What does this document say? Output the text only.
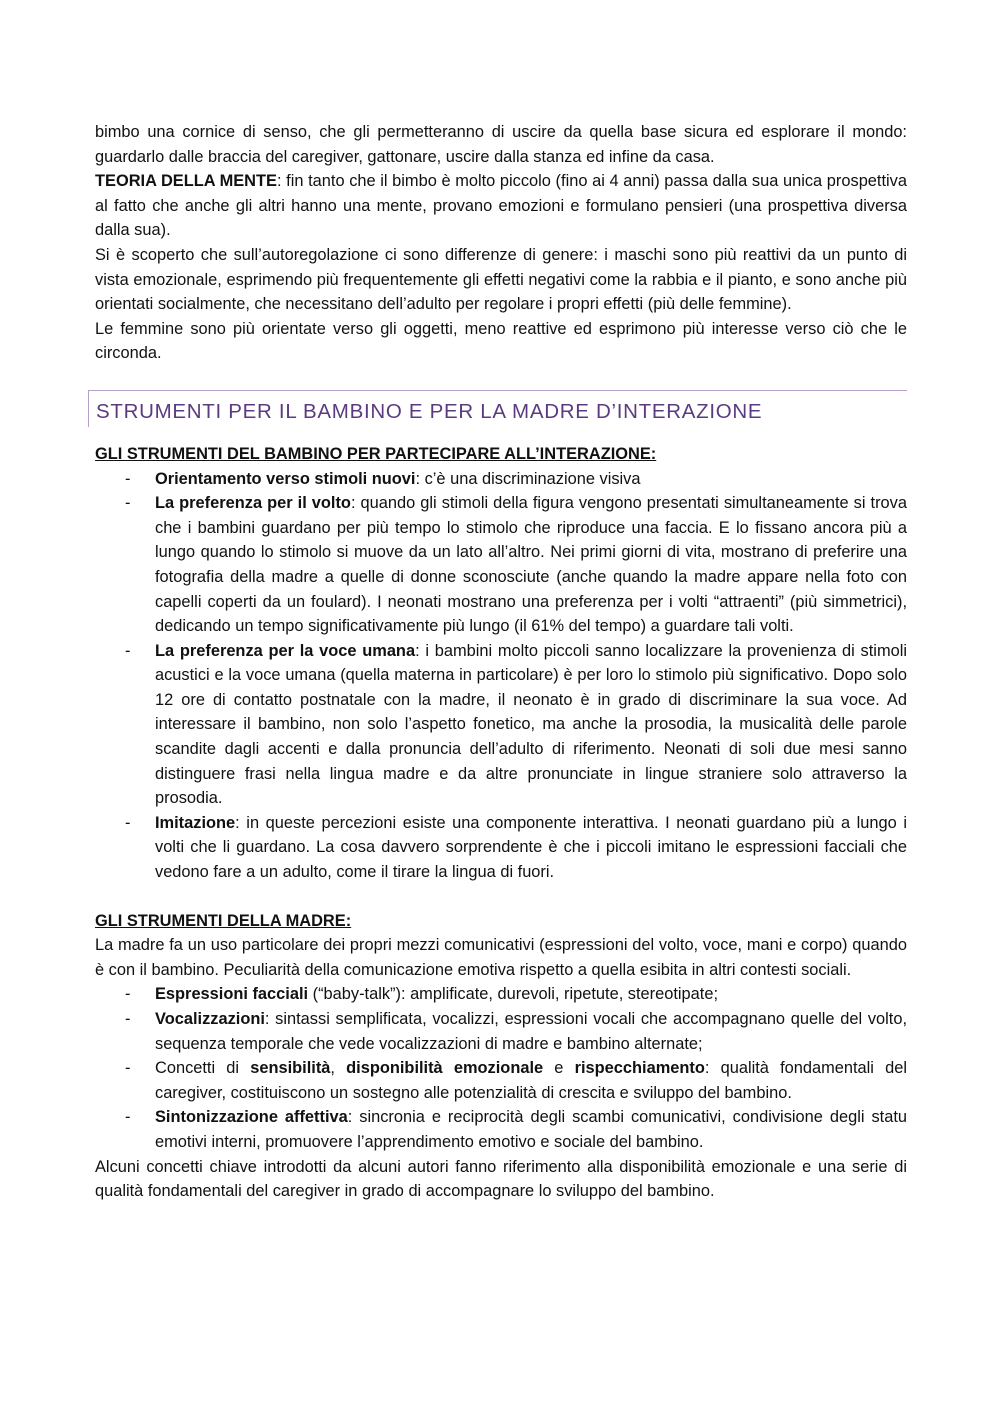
bimbo una cornice di senso, che gli permetteranno di uscire da quella base sicura ed esplorare il mondo: guardarlo dalle braccia del caregiver, gattonare, uscire dalla stanza ed infine da casa.

TEORIA DELLA MENTE: fin tanto che il bimbo è molto piccolo (fino ai 4 anni) passa dalla sua unica prospettiva al fatto che anche gli altri hanno una mente, provano emozioni e formulano pensieri (una prospettiva diversa dalla sua).

Si è scoperto che sull’autoregolazione ci sono differenze di genere: i maschi sono più reattivi da un punto di vista emozionale, esprimendo più frequentemente gli effetti negativi come la rabbia e il pianto, e sono anche più orientati socialmente, che necessitano dell’adulto per regolare i propri effetti (più delle femmine).

Le femmine sono più orientate verso gli oggetti, meno reattive ed esprimono più interesse verso ciò che le circonda.

STRUMENTI PER IL BAMBINO E PER LA MADRE D’INTERAZIONE
GLI STRUMENTI DEL BAMBINO PER PARTECIPARE ALL’INTERAZIONE:
-	Orientamento verso stimoli nuovi: c’è una discriminazione visiva
-	La preferenza per il volto: quando gli stimoli della figura vengono presentati simultaneamente si trova che i bambini guardano per più tempo lo stimolo che riproduce una faccia. E lo fissano ancora più a lungo quando lo stimolo si muove da un lato all’altro. Nei primi giorni di vita, mostrano di preferire una fotografia della madre a quelle di donne sconosciute (anche quando la madre appare nella foto con capelli coperti da un foulard). I neonati mostrano una preferenza per i volti “attraenti” (più simmetrici), dedicando un tempo significativamente più lungo (il 61% del tempo) a guardare tali volti.
-	La preferenza per la voce umana: i bambini molto piccoli sanno localizzare la provenienza di stimoli acustici e la voce umana (quella materna in particolare) è per loro lo stimolo più significativo. Dopo solo 12 ore di contatto postnatale con la madre, il neonato è in grado di discriminare la sua voce. Ad interessare il bambino, non solo l’aspetto fonetico, ma anche la prosodia, la musicalità delle parole scandite dagli accenti e dalla pronuncia dell’adulto di riferimento. Neonati di soli due mesi sanno distinguere frasi nella lingua madre e da altre pronunciate in lingue straniere solo attraverso la prosodia.
-	Imitazione: in queste percezioni esiste una componente interattiva. I neonati guardano più a lungo i volti che li guardano. La cosa davvero sorprendente è che i piccoli imitano le espressioni facciali che vedono fare a un adulto, come il tirare la lingua di fuori.
GLI STRUMENTI DELLA MADRE:

La madre fa un uso particolare dei propri mezzi comunicativi (espressioni del volto, voce, mani e corpo) quando è con il bambino. Peculiarità della comunicazione emotiva rispetto a quella esibita in altri contesti sociali.

-	Espressioni facciali (“baby-talk”): amplificate, durevoli, ripetute, stereotipate;
-	Vocalizzazioni: sintassi semplificata, vocalizzi, espressioni vocali che accompagnano quelle del volto, sequenza temporale che vede vocalizzazioni di madre e bambino alternate;
-	Concetti di sensibilità, disponibilità emozionale e rispecchiamento: qualità fondamentali del caregiver, costituiscono un sostegno alle potenzialità di crescita e sviluppo del bambino.
-	Sintonizzazione affettiva: sincronia e reciprocità degli scambi comunicativi, condivisione degli statu emotivi interni, promuovere l’apprendimento emotivo e sociale del bambino.

Alcuni concetti chiave introdotti da alcuni autori fanno riferimento alla disponibilità emozionale e una serie di qualità fondamentali del caregiver in grado di accompagnare lo sviluppo del bambino.
